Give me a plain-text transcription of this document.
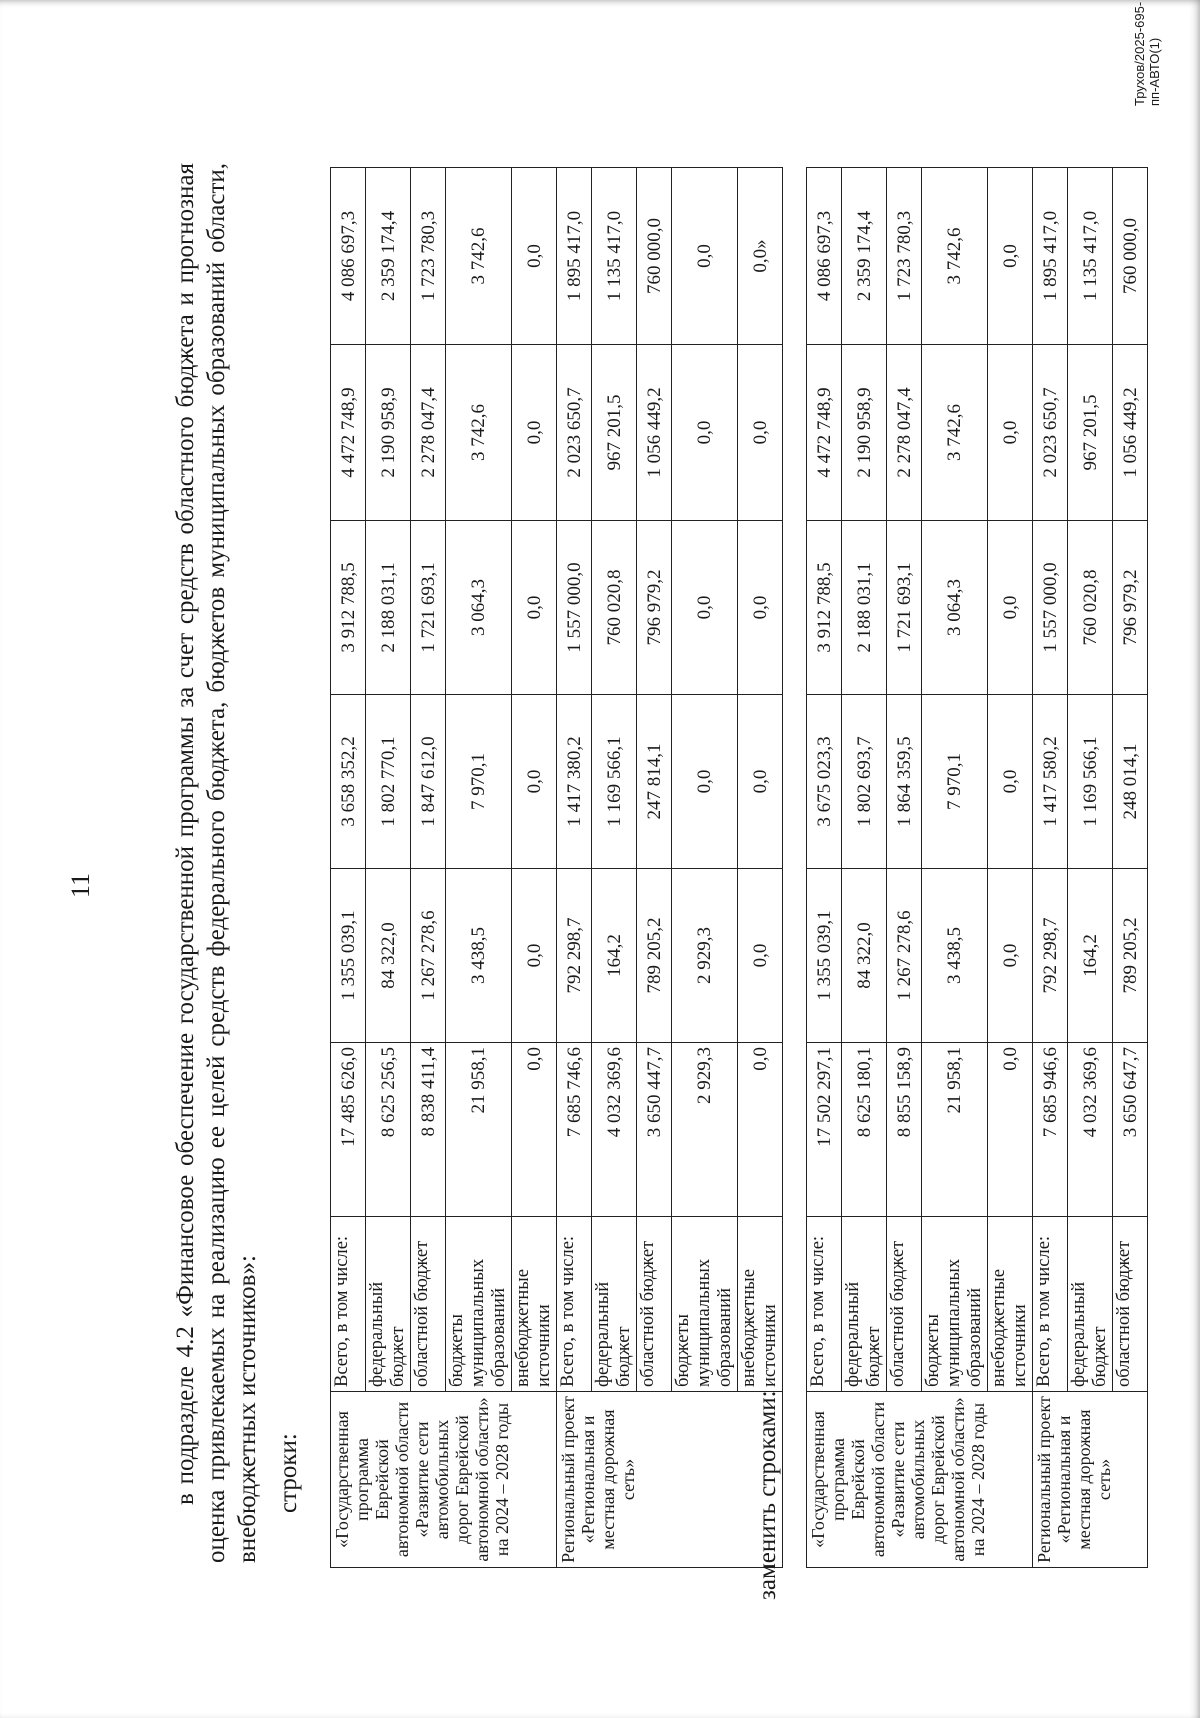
11	в подразделе 4.2 «Финансовое обеспечение государственной программы за счет средств областного бюджета и прогнозная оценка привлекаемых на реализацию ее целей средств федерального бюджета, бюджетов муниципальных образований области, внебюджетных источников»: строки: «Государственная программа Еврейской автономной области «Развитие сети автомобильных дорог Еврейской автономной области» на 2024 – 2028 годы	Всего, в том числе:	17 485 626,0	1 355 039,1	3 658 352,2	3 912 788,5	4 472 748,9	4 086 697,3
	федеральный бюджет	8 625 256,5	84 322,0	1 802 770,1	2 188 031,1	2 190 958,9	2 359 174,4
	областной бюджет	8 838 411,4	1 267 278,6	1 847 612,0	1 721 693,1	2 278 047,4	1 723 780,3
	бюджеты муниципальных образований	21 958,1	3 438,5	7 970,1	3 064,3	3 742,6	3 742,6
	внебюджетные источники	0,0	0,0	0,0	0,0	0,0	0,0
Региональный проект «Региональная и местная дорожная сеть»	Всего, в том числе:	7 685 746,6	792 298,7	1 417 380,2	1 557 000,0	2 023 650,7	1 895 417,0
	федеральный бюджет	4 032 369,6	164,2	1 169 566,1	760 020,8	967 201,5	1 135 417,0
	областной бюджет	3 650 447,7	789 205,2	247 814,1	796 979,2	1 056 449,2	760 000,0
	бюджеты муниципальных образований	2 929,3	2 929,3	0,0	0,0	0,0	0,0
	внебюджетные источники	0,0	0,0	0,0	0,0	0,0	0,0»
заменить строками: «Государственная программа Еврейской автономной области «Развитие сети автомобильных дорог Еврейской автономной области» на 2024 – 2028 годы	Всего, в том числе:	17 502 297,1	1 355 039,1	3 675 023,3	3 912 788,5	4 472 748,9	4 086 697,3
	федеральный бюджет	8 625 180,1	84 322,0	1 802 693,7	2 188 031,1	2 190 958,9	2 359 174,4
	областной бюджет	8 855 158,9	1 267 278,6	1 864 359,5	1 721 693,1	2 278 047,4	1 723 780,3
	бюджеты муниципальных образований	21 958,1	3 438,5	7 970,1	3 064,3	3 742,6	3 742,6
	внебюджетные источники	0,0	0,0	0,0	0,0	0,0	0,0
Региональный проект «Региональная и местная дорожная сеть»	Всего, в том числе:	7 685 946,6	792 298,7	1 417 580,2	1 557 000,0	2 023 650,7	1 895 417,0
	федеральный бюджет	4 032 369,6	164,2	1 169 566,1	760 020,8	967 201,5	1 135 417,0
	областной бюджет	3 650 647,7	789 205,2	248 014,1	796 979,2	1 056 449,2	760 000,0
Трухов/2025-695-пп-АВТО(1)
